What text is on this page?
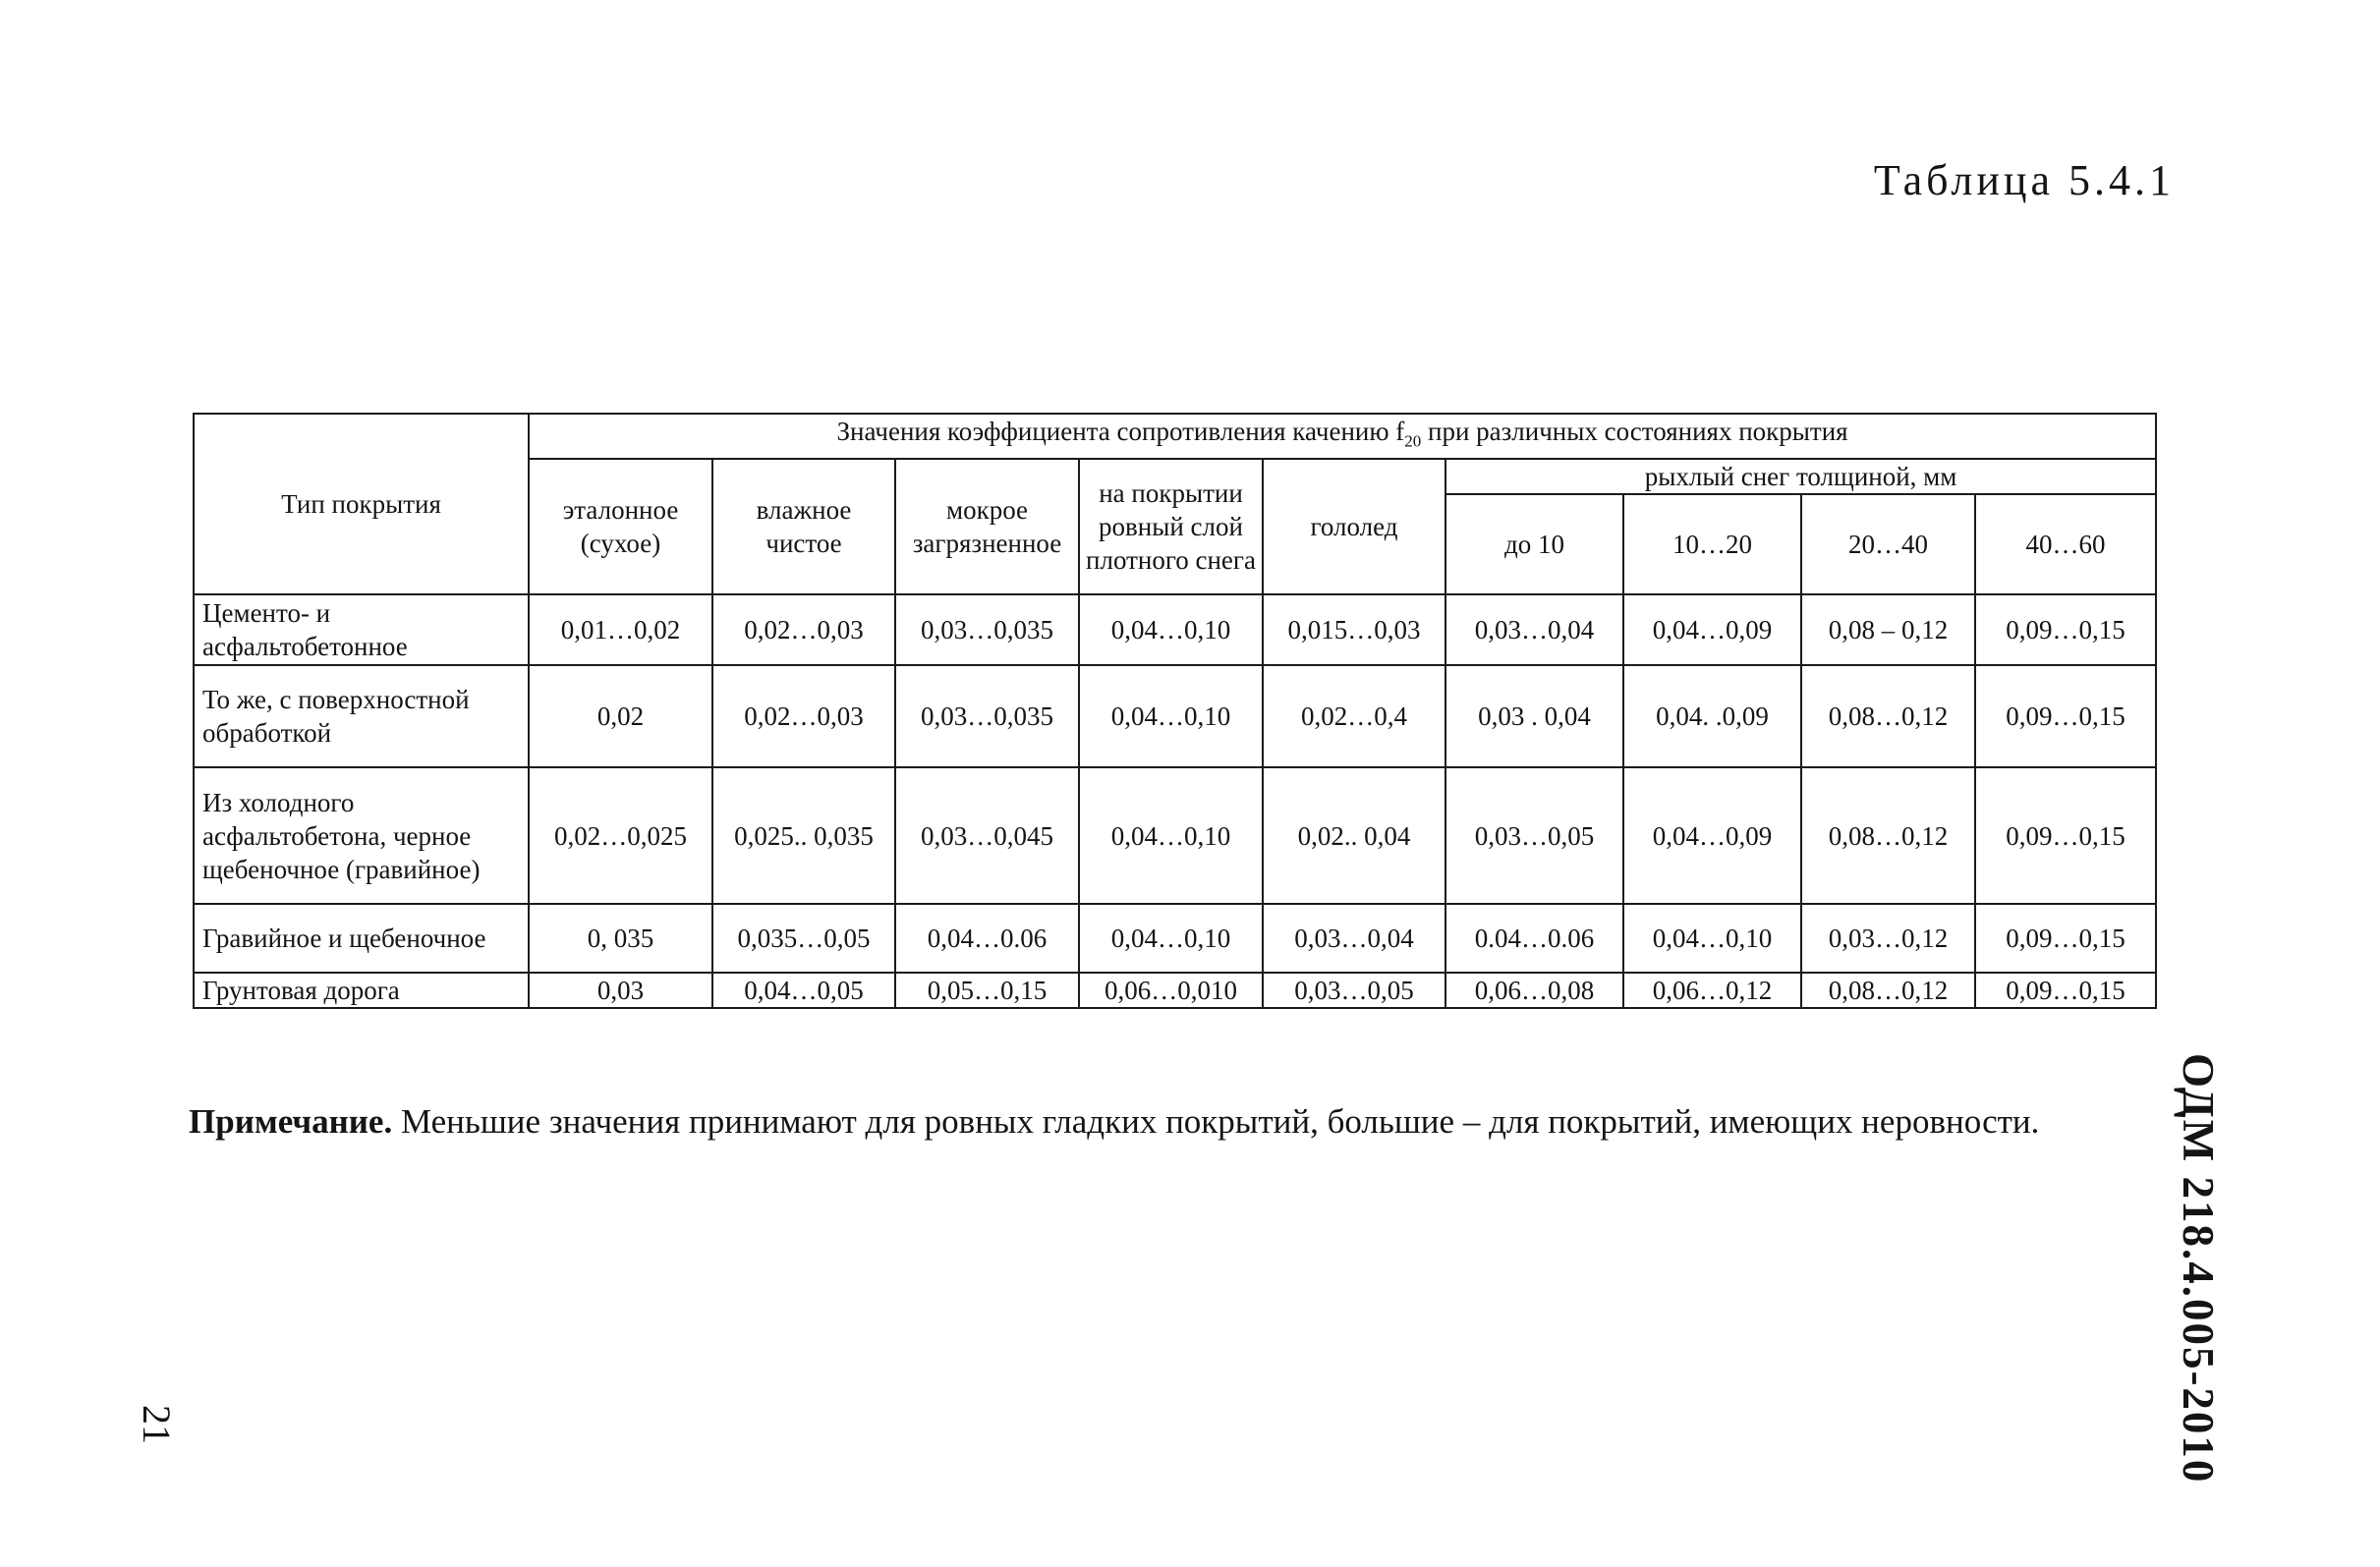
Таблица 5.4.1
Тип покрытия	Значения коэффициента сопротивления качению $f_{20}$ при различных состояниях покрытия								
	эталонное (сухое)	влажное чистое	мокрое загрязненное	на покрытии ровный слой плотного снега	гололед	рыхлый снег толщиной, мм			
						до 10	10…20	20…40	40…60
Цементо- и асфальтобетонное	0,01…0,02	0,02…0,03	0,03…0,035	0,04…0,10	0,015…0,03	0,03…0,04	0,04…0,09	0,08 – 0,12	0,09…0,15
То же, с поверхностной обработкой	0,02	0,02…0,03	0,03…0,035	0,04…0,10	0,02…0,4	0,03 . 0,04	0,04. .0,09	0,08…0,12	0,09…0,15
Из холодного асфальтобетона, черное щебеночное (гравийное)	0,02…0,025	0,025.. 0,035	0,03…0,045	0,04…0,10	0,02.. 0,04	0,03…0,05	0,04…0,09	0,08…0,12	0,09…0,15
Гравийное и щебеночное	0, 035	0,035…0,05	0,04…0.06	0,04…0,10	0,03…0,04	0.04…0.06	0,04…0,10	0,03…0,12	0,09…0,15
Грунтовая дорога	0,03	0,04…0,05	0,05…0,15	0,06…0,010	0,03…0,05	0,06…0,08	0,06…0,12	0,08…0,12	0,09…0,15
Примечание. Меньшие значения принимают для ровных гладких покрытий, большие – для покрытий, имеющих неровности.	ОДМ 218.4.005-2010
21
